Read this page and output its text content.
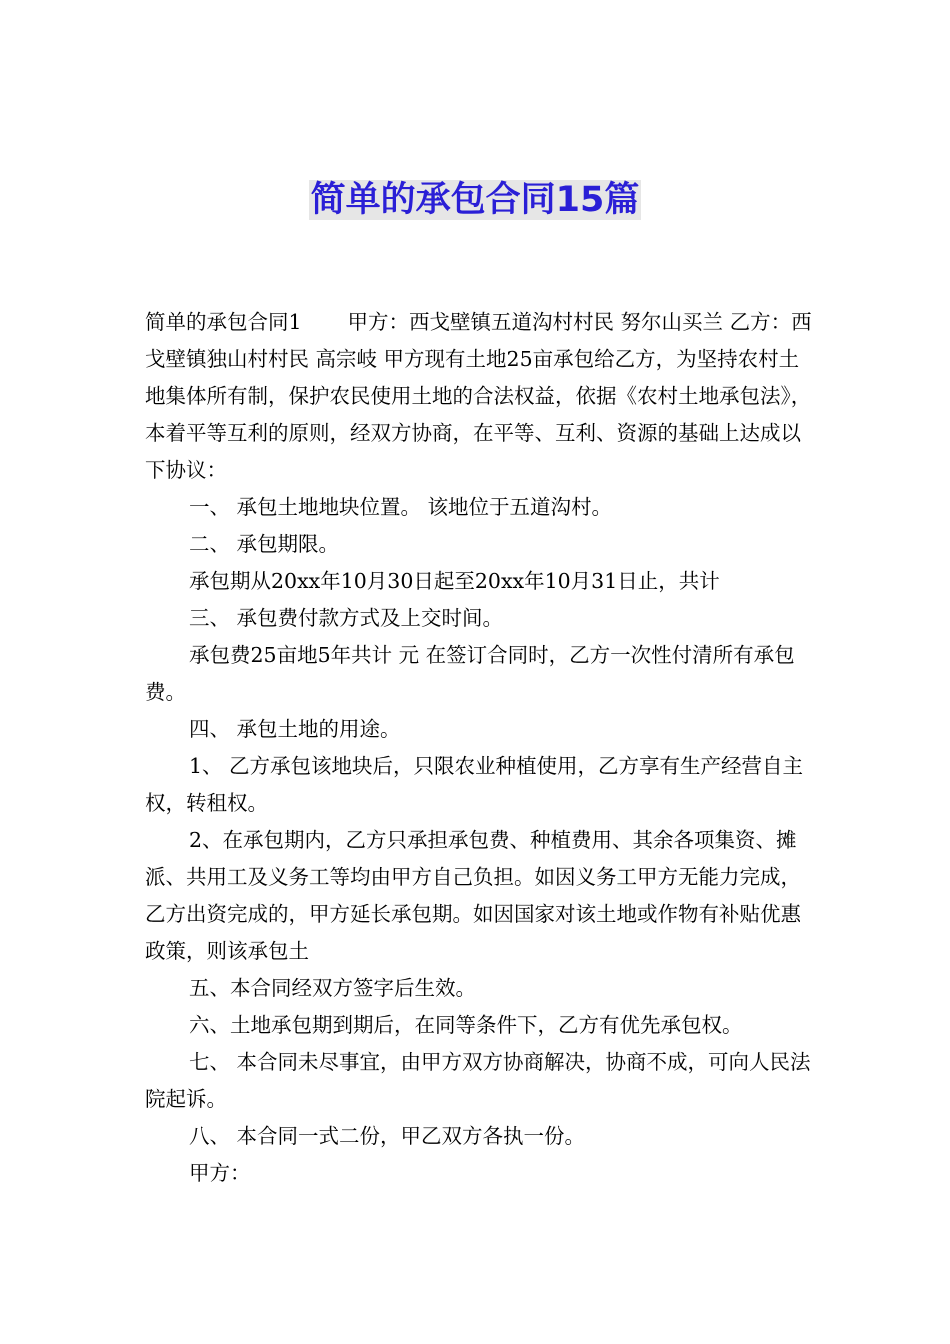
简单的承包合同15篇

简单的承包合同1 甲方：西戈壁镇五道沟村村民 努尔山买兰 乙方：西戈壁镇独山村村民 高宗岐 甲方现有土地25亩承包给乙方，为坚持农村土地集体所有制，保护农民使用土地的合法权益，依据《农村土地承包法》，本着平等互利的原则，经双方协商，在平等、互利、资源的基础上达成以下协议：

一、 承包土地地块位置。 该地位于五道沟村。

二、 承包期限。

承包期从20xx年10月30日起至20xx年10月31日止，共计

三、 承包费付款方式及上交时间。

承包费25亩地5年共计 元 在签订合同时，乙方一次性付清所有承包费。

四、 承包土地的用途。

1、 乙方承包该地块后，只限农业种植使用，乙方享有生产经营自主权，转租权。

2、在承包期内，乙方只承担承包费、种植费用、其余各项集资、摊派、共用工及义务工等均由甲方自己负担。如因义务工甲方无能力完成，乙方出资完成的，甲方延长承包期。如因国家对该土地或作物有补贴优惠政策，则该承包土

五、本合同经双方签字后生效。

六、土地承包期到期后，在同等条件下，乙方有优先承包权。

七、 本合同未尽事宜，由甲方双方协商解决，协商不成，可向人民法院起诉。

八、 本合同一式二份，甲乙双方各执一份。

甲方：
